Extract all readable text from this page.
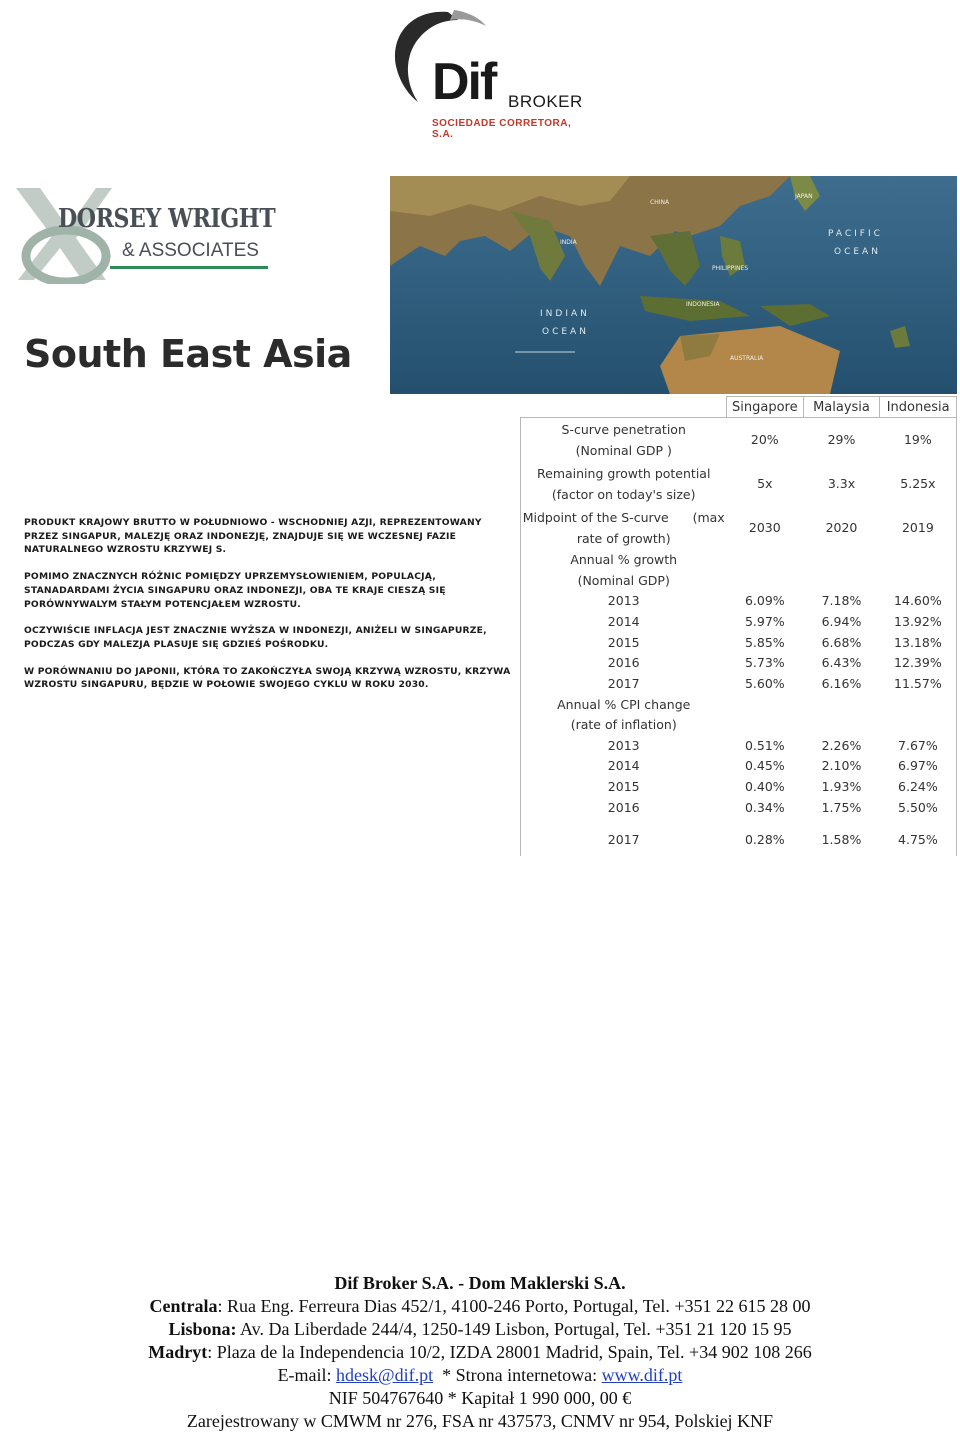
Dif BROKER
SOCIEDADE CORRETORA, S.A.
DORSEY WRIGHT
& ASSOCIATES
South East Asia
PACIFIC
OCEAN
INDIAN
OCEAN
CHINA
INDIA
JAPAN
PHILIPPINES
INDONESIA
AUSTRALIA

PRODUKT KRAJOWY BRUTTO W POŁUDNIOWO - WSCHODNIEJ AZJI, REPREZENTOWANY PRZEZ SINGAPUR, MALEZJĘ ORAZ INDONEZJĘ, ZNAJDUJE SIĘ WE WCZESNEJ FAZIE NATURALNEGO WZROSTU KRZYWEJ S.

POMIMO ZNACZNYCH RÓŻNIC POMIĘDZY UPRZEMYSŁOWIENIEM, POPULACJĄ, STANADARDAMI ŻYCIA SINGAPURU ORAZ INDONEZJI, OBA TE KRAJE CIESZĄ SIĘ PORÓWNYWALYM STAŁYM POTENCJAŁEM WZROSTU.

OCZYWIŚCIE INFLACJA JEST ZNACZNIE WYŻSZA W INDONEZJI, ANIŻELI W SINGAPURZE, PODCZAS GDY MALEZJA PLASUJE SIĘ GDZIEŚ POŚRODKU.

W PORÓWNANIU DO JAPONII, KTÓRA TO ZAKOŃCZYŁA SWOJĄ KRZYWĄ WZROSTU, KRZYWA WZROSTU SINGAPURU, BĘDZIE W POŁOWIE SWOJEGO CYKLU W ROKU 2030.

	Singapore	Malaysia	Indonesia
S-curve penetration
(Nominal GDP )	20%	29%	19%
Remaining growth potential
(factor on today's size)	5x	3.3x	5.25x
Midpoint of the S-curve      (max
rate of growth)	2030	2020	2019
Annual % growth			
(Nominal GDP)			
2013	6.09%	7.18%	14.60%
2014	5.97%	6.94%	13.92%
2015	5.85%	6.68%	13.18%
2016	5.73%	6.43%	12.39%
2017	5.60%	6.16%	11.57%
Annual % CPI change			
(rate of inflation)			
2013	0.51%	2.26%	7.67%
2014	0.45%	2.10%	6.97%
2015	0.40%	1.93%	6.24%
2016	0.34%	1.75%	5.50%
2017	0.28%	1.58%	4.75%
Dif Broker S.A. - Dom Maklerski S.A.
Centrala: Rua Eng. Ferreura Dias 452/1, 4100-246 Porto, Portugal, Tel. +351 22 615 28 00
Lisbona: Av. Da Liberdade 244/4, 1250-149 Lisbon, Portugal, Tel. +351 21 120 15 95
Madryt: Plaza de la Independencia 10/2, IZDA 28001 Madrid, Spain, Tel. +34 902 108 266
E-mail: hdesk@dif.pt  * Strona internetowa: www.dif.pt
NIF 504767640 * Kapitał 1 990 000, 00 €
Zarejestrowany w CMWM nr 276, FSA nr 437573, CNMV nr 954, Polskiej KNF
